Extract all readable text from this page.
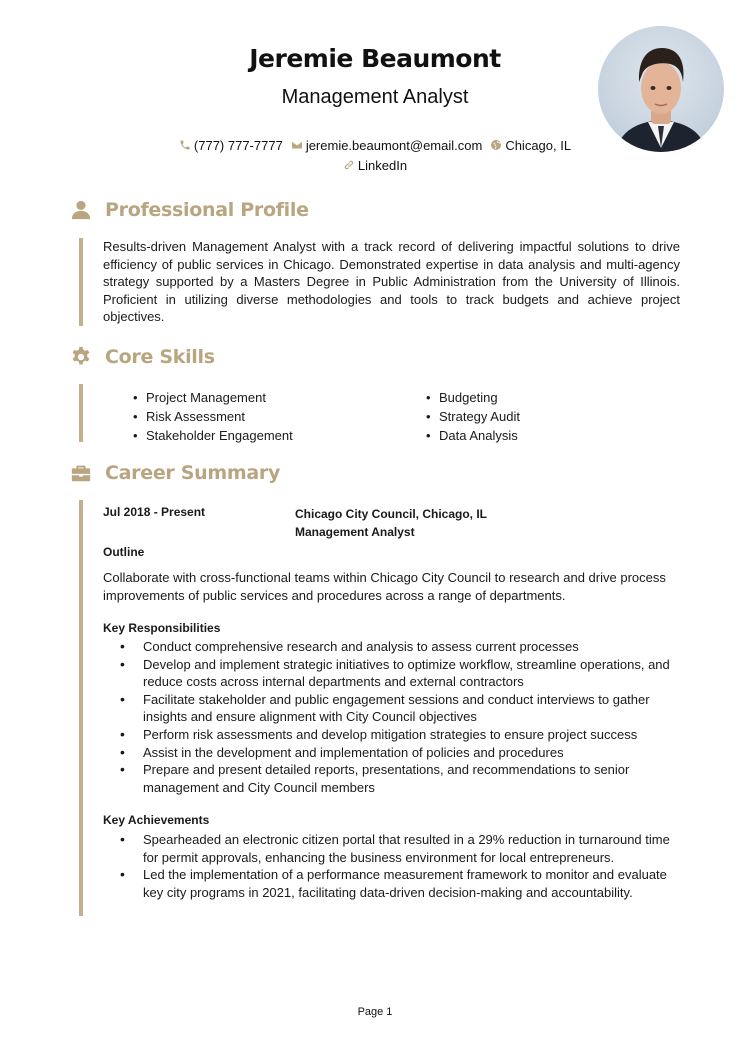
Jeremie Beaumont
Management Analyst
(777) 777-7777 jeremie.beaumont@email.com Chicago, IL
LinkedIn
Professional Profile
Results-driven Management Analyst with a track record of delivering impactful solutions to drive efficiency of public services in Chicago. Demonstrated expertise in data analysis and multi-agency strategy supported by a Masters Degree in Public Administration from the University of Illinois. Proficient in utilizing diverse methodologies and tools to track budgets and achieve project objectives.
Core Skills
• Project Management
• Risk Assessment
• Stakeholder Engagement
• Budgeting
• Strategy Audit
• Data Analysis
Career Summary
Jul 2018 - Present	Chicago City Council, Chicago, IL
Management Analyst
Outline
Collaborate with cross-functional teams within Chicago City Council to research and drive process improvements of public services and procedures across a range of departments.
Key Responsibilities
• Conduct comprehensive research and analysis to assess current processes
• Develop and implement strategic initiatives to optimize workflow, streamline operations, and reduce costs across internal departments and external contractors
• Facilitate stakeholder and public engagement sessions and conduct interviews to gather insights and ensure alignment with City Council objectives
• Perform risk assessments and develop mitigation strategies to ensure project success
• Assist in the development and implementation of policies and procedures
• Prepare and present detailed reports, presentations, and recommendations to senior management and City Council members
Key Achievements
• Spearheaded an electronic citizen portal that resulted in a 29% reduction in turnaround time for permit approvals, enhancing the business environment for local entrepreneurs.
• Led the implementation of a performance measurement framework to monitor and evaluate key city programs in 2021, facilitating data-driven decision-making and accountability.
Page 1
